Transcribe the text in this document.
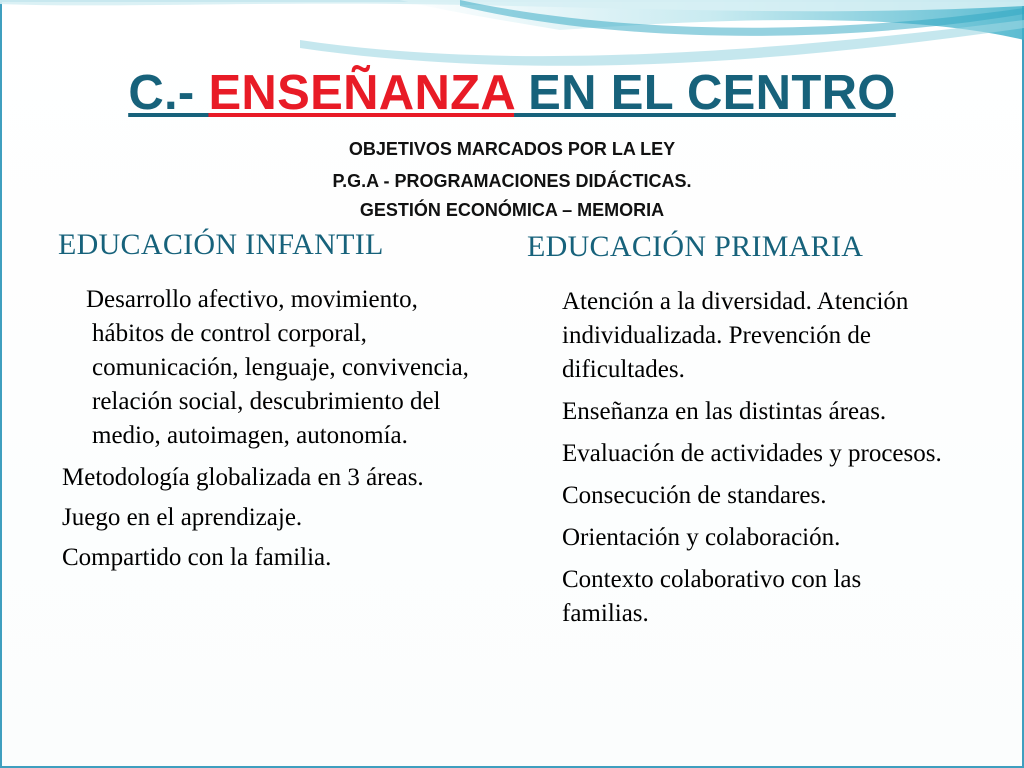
C.- ENSEÑANZA EN EL CENTRO
OBJETIVOS MARCADOS POR LA LEY
P.G.A - PROGRAMACIONES DIDÁCTICAS.
GESTIÓN ECONÓMICA – MEMORIA
EDUCACIÓN INFANTIL	EDUCACIÓN PRIMARIA

Desarrollo afectivo, movimiento, hábitos de control corporal, comunicación, lenguaje, convivencia, relación social, descubrimiento del medio, autoimagen, autonomía.

Metodología globalizada en 3 áreas.

Juego en el aprendizaje.

Compartido con la familia.

Atención a la diversidad. Atención individualizada. Prevención de dificultades.

Enseñanza en las distintas áreas.

Evaluación de actividades y procesos.

Consecución de standares.

Orientación y colaboración.

Contexto colaborativo con las familias.
